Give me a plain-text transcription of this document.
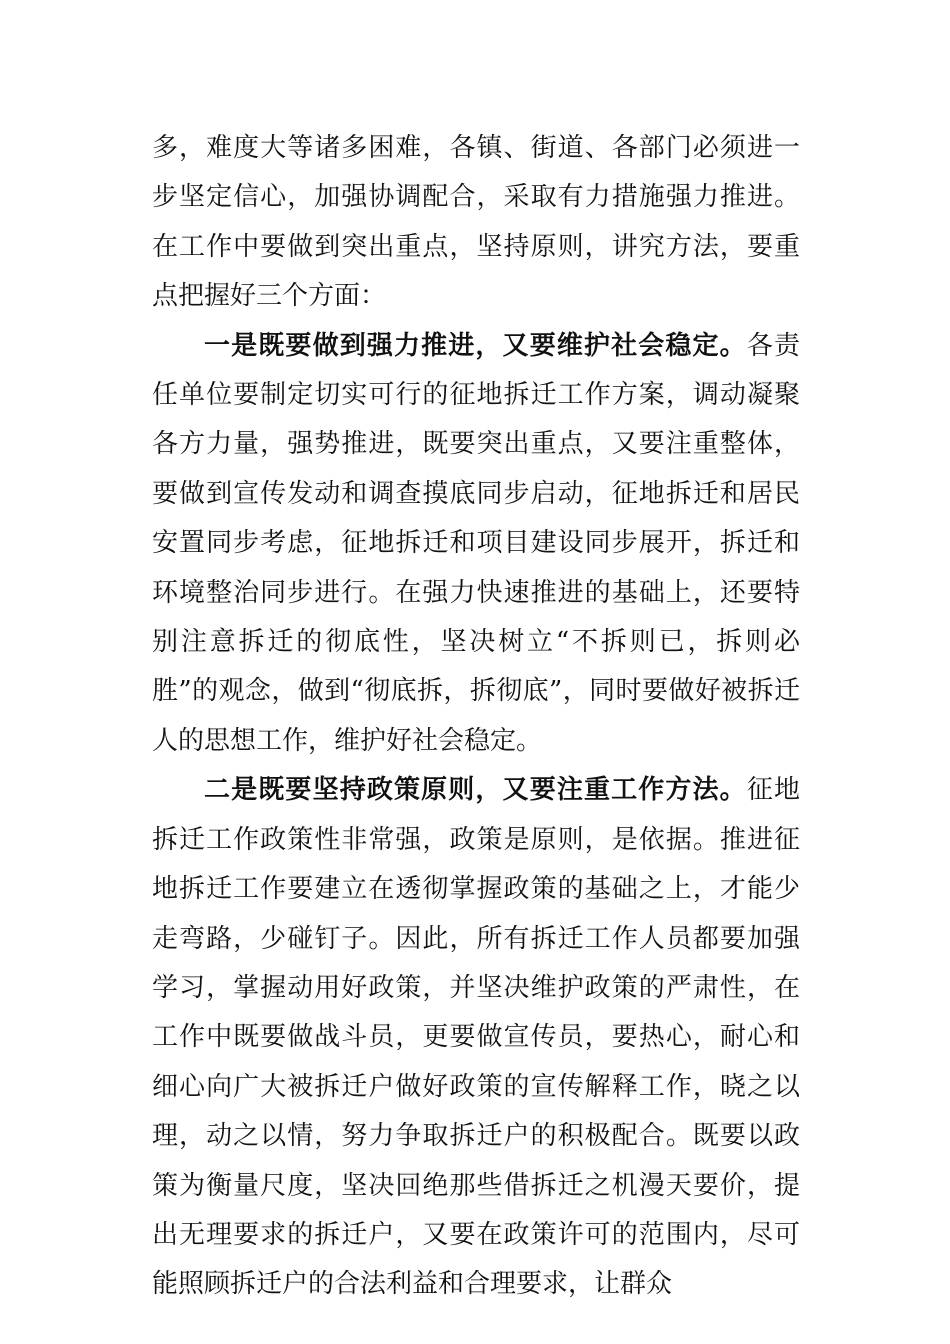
多，难度大等诸多困难，各镇、街道、各部门必须进一步坚定信心，加强协调配合，采取有力措施强力推进。在工作中要做到突出重点，坚持原则，讲究方法，要重点把握好三个方面：

一是既要做到强力推进，又要维护社会稳定。各责任单位要制定切实可行的征地拆迁工作方案，调动凝聚各方力量，强势推进，既要突出重点，又要注重整体，要做到宣传发动和调查摸底同步启动，征地拆迁和居民安置同步考虑，征地拆迁和项目建设同步展开，拆迁和环境整治同步进行。在强力快速推进的基础上，还要特别注意拆迁的彻底性，坚决树立“不拆则已，拆则必胜”的观念，做到“彻底拆，拆彻底”，同时要做好被拆迁人的思想工作，维护好社会稳定。

二是既要坚持政策原则，又要注重工作方法。征地拆迁工作政策性非常强，政策是原则，是依据。推进征地拆迁工作要建立在透彻掌握政策的基础之上，才能少走弯路，少碰钉子。因此，所有拆迁工作人员都要加强学习，掌握动用好政策，并坚决维护政策的严肃性，在工作中既要做战斗员，更要做宣传员，要热心，耐心和细心向广大被拆迁户做好政策的宣传解释工作，晓之以理，动之以情，努力争取拆迁户的积极配合。既要以政策为衡量尺度，坚决回绝那些借拆迁之机漫天要价，提出无理要求的拆迁户，又要在政策许可的范围内，尽可能照顾拆迁户的合法利益和合理要求，让群众
